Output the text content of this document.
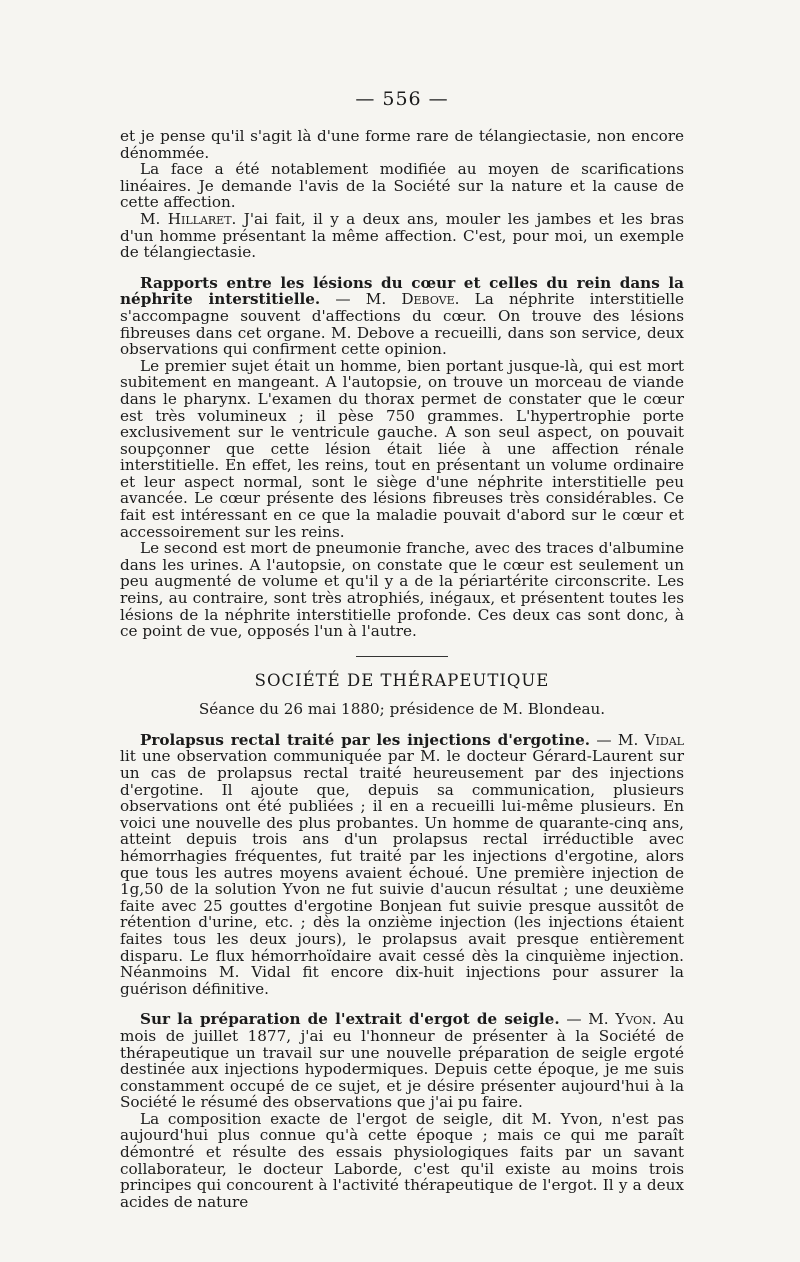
— 556 —

et je pense qu'il s'agit là d'une forme rare de télangiectasie, non encore dénommée.

La face a été notablement modifiée au moyen de scarifications linéaires. Je demande l'avis de la Société sur la nature et la cause de cette affection.

M. Hillaret. J'ai fait, il y a deux ans, mouler les jambes et les bras d'un homme présentant la même affection. C'est, pour moi, un exemple de télangiectasie.

Rapports entre les lésions du cœur et celles du rein dans la néphrite interstitielle. — M. Debove. La néphrite interstitielle s'accompagne souvent d'affections du cœur. On trouve des lésions fibreuses dans cet organe. M. Debove a recueilli, dans son service, deux observations qui confirment cette opinion.

Le premier sujet était un homme, bien portant jusque-là, qui est mort subitement en mangeant. A l'autopsie, on trouve un morceau de viande dans le pharynx. L'examen du thorax permet de constater que le cœur est très volumineux ; il pèse 750 grammes. L'hypertrophie porte exclusivement sur le ventricule gauche. A son seul aspect, on pouvait soupçonner que cette lésion était liée à une affection rénale interstitielle. En effet, les reins, tout en présentant un volume ordinaire et leur aspect normal, sont le siège d'une néphrite interstitielle peu avancée. Le cœur présente des lésions fibreuses très considérables. Ce fait est intéressant en ce que la maladie pouvait d'abord sur le cœur et accessoirement sur les reins.

Le second est mort de pneumonie franche, avec des traces d'albumine dans les urines. A l'autopsie, on constate que le cœur est seulement un peu augmenté de volume et qu'il y a de la périartérite circonscrite. Les reins, au contraire, sont très atrophiés, inégaux, et présentent toutes les lésions de la néphrite interstitielle profonde. Ces deux cas sont donc, à ce point de vue, opposés l'un à l'autre.

SOCIÉTÉ DE THÉRAPEUTIQUE
Séance du 26 mai 1880; présidence de M. Blondeau.

Prolapsus rectal traité par les injections d'ergotine. — M. Vidal lit une observation communiquée par M. le docteur Gérard-Laurent sur un cas de prolapsus rectal traité heureusement par des injections d'ergotine. Il ajoute que, depuis sa communication, plusieurs observations ont été publiées ; il en a recueilli lui-même plusieurs. En voici une nouvelle des plus probantes. Un homme de quarante-cinq ans, atteint depuis trois ans d'un prolapsus rectal irréductible avec hémorrhagies fréquentes, fut traité par les injections d'ergotine, alors que tous les autres moyens avaient échoué. Une première injection de 1g,50 de la solution Yvon ne fut suivie d'aucun résultat ; une deuxième faite avec 25 gouttes d'ergotine Bonjean fut suivie presque aussitôt de rétention d'urine, etc. ; dès la onzième injection (les injections étaient faites tous les deux jours), le prolapsus avait presque entièrement disparu. Le flux hémorrhoïdaire avait cessé dès la cinquième injection. Néanmoins M. Vidal fit encore dix-huit injections pour assurer la guérison définitive.

Sur la préparation de l'extrait d'ergot de seigle. — M. Yvon. Au mois de juillet 1877, j'ai eu l'honneur de présenter à la Société de thérapeutique un travail sur une nouvelle préparation de seigle ergoté destinée aux injections hypodermiques. Depuis cette époque, je me suis constamment occupé de ce sujet, et je désire présenter aujourd'hui à la Société le résumé des observations que j'ai pu faire.

La composition exacte de l'ergot de seigle, dit M. Yvon, n'est pas aujourd'hui plus connue qu'à cette époque ; mais ce qui me paraît démontré et résulte des essais physiologiques faits par un savant collaborateur, le docteur Laborde, c'est qu'il existe au moins trois principes qui concourent à l'activité thérapeutique de l'ergot. Il y a deux acides de nature
